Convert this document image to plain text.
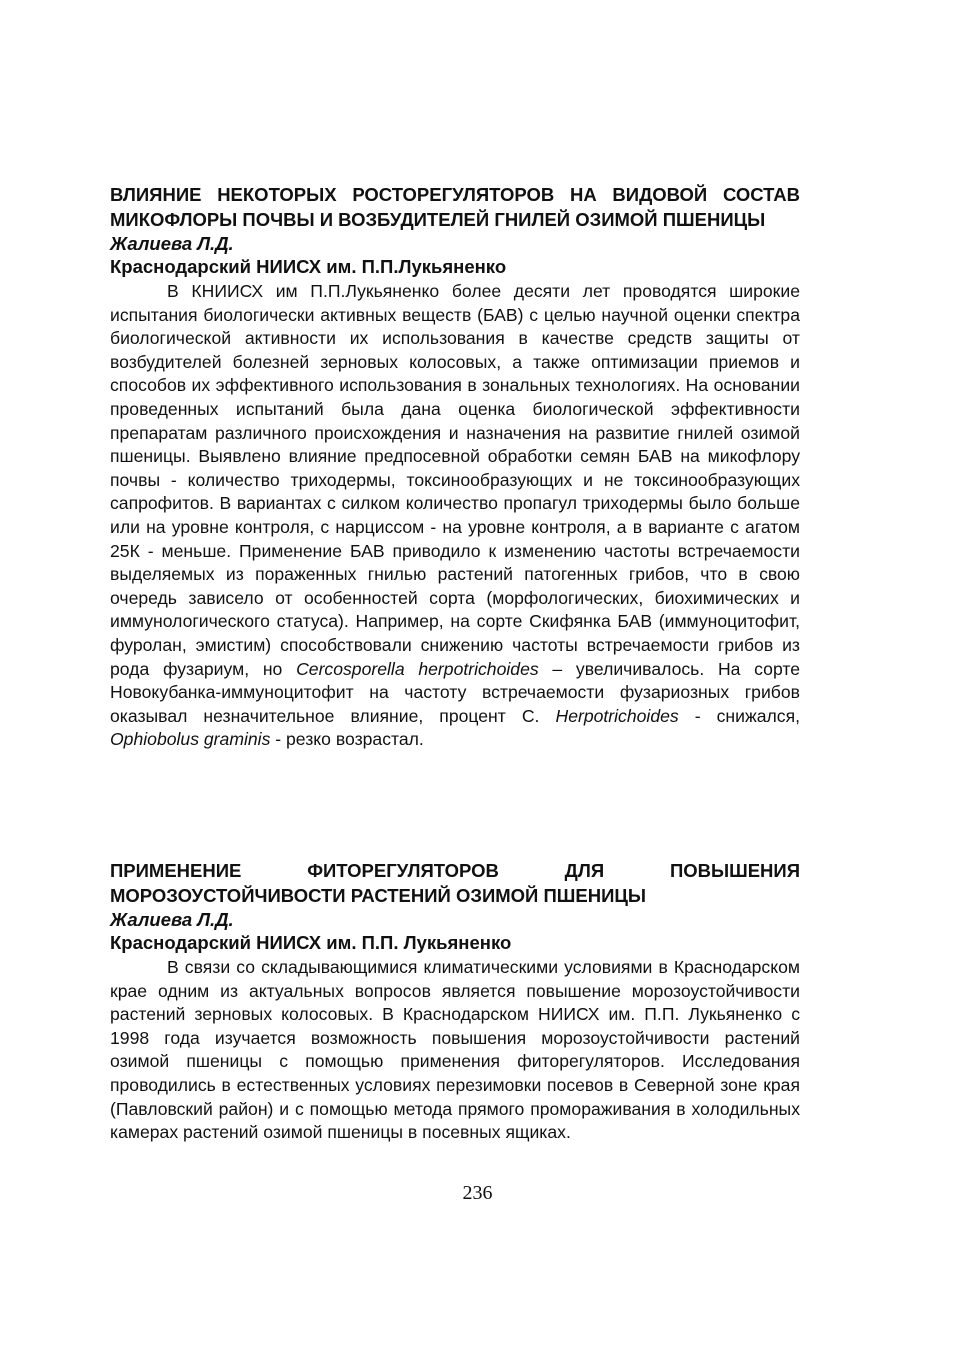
ВЛИЯНИЕ НЕКОТОРЫХ РОСТОРЕГУЛЯТОРОВ НА ВИДОВОЙ СОСТАВ МИКОФЛОРЫ ПОЧВЫ И ВОЗБУДИТЕЛЕЙ ГНИЛЕЙ ОЗИМОЙ ПШЕНИЦЫ

Жалиева Л.Д.

Краснодарский НИИСХ им. П.П.Лукьяненко

В КНИИСХ им П.П.Лукьяненко более десяти лет проводятся широкие испытания биологически активных веществ (БАВ) с целью научной оценки спектра биологической активности их использования в качестве средств защиты от возбудителей болезней зерновых колосовых, а также оптимизации приемов и способов их эффективного использования в зональных технологиях. На основании проведенных испытаний была дана оценка биологической эффективности препаратам различного происхождения и назначения на развитие гнилей озимой пшеницы. Выявлено влияние предпосевной обработки семян БАВ на микофлору почвы - количество триходермы, токсинообразующих и не токсинообразующих сапрофитов. В вариантах с силком количество пропагул триходермы было больше или на уровне контроля, с нарциссом - на уровне контроля, а в варианте с агатом 25К - меньше. Применение БАВ приводило к изменению частоты встречаемости выделяемых из пораженных гнилью растений патогенных грибов, что в свою очередь зависело от особенностей сорта (морфологических, биохимических и иммунологического статуса). Например, на сорте Скифянка БАВ (иммуноцитофит, фуролан, эмистим) способствовали снижению частоты встречаемости грибов из рода фузариум, но Cercosporella herpotrichoides – увеличивалось. На сорте Новокубанка-иммуноцитофит на частоту встречаемости фузариозных грибов оказывал незначительное влияние, процент С. Herpotrichoides - снижался, Ophiobolus graminis - резко возрастал.

ПРИМЕНЕНИЕ ФИТОРЕГУЛЯТОРОВ ДЛЯ ПОВЫШЕНИЯ МОРОЗОУСТОЙЧИВОСТИ РАСТЕНИЙ ОЗИМОЙ ПШЕНИЦЫ

Жалиева Л.Д.

Краснодарский НИИСХ им. П.П. Лукьяненко

В связи со складывающимися климатическими условиями в Краснодарском крае одним из актуальных вопросов является повышение морозоустойчивости растений зерновых колосовых. В Краснодарском НИИСХ им. П.П. Лукьяненко с 1998 года изучается возможность повышения морозоустойчивости растений озимой пшеницы с помощью применения фиторегуляторов. Исследования проводились в естественных условиях перезимовки посевов в Северной зоне края (Павловский район) и с помощью метода прямого промораживания в холодильных камерах растений озимой пшеницы в посевных ящиках.

236
